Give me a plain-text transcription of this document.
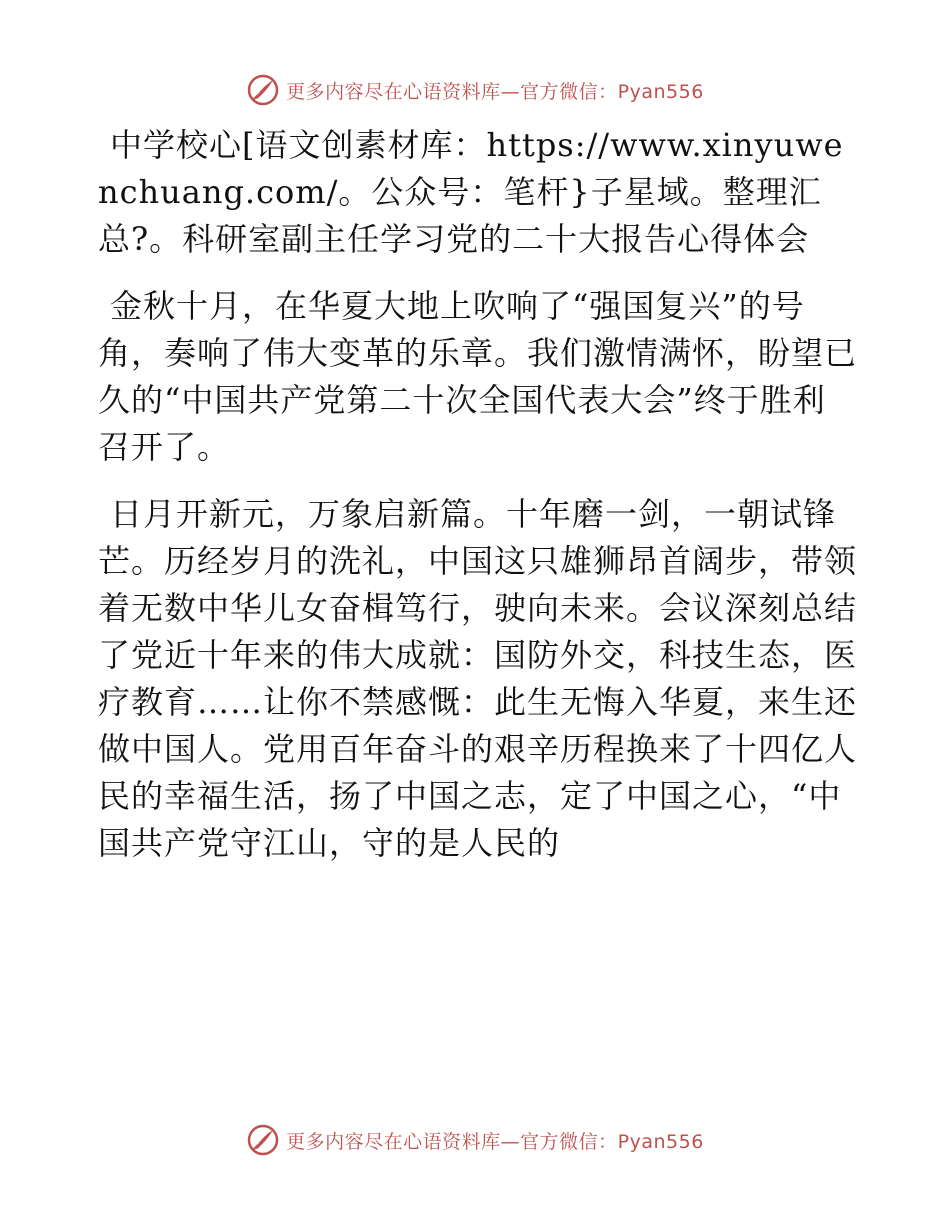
更多内容尽在心语资料库—官方微信：Pyan556

中学校心[语文创素材库：https://www.xinyuwenchuang.com/。公众号：笔杆}子星域。整理汇总?。科研室副主任学习党的二十大报告心得体会

金秋十月，在华夏大地上吹响了“强国复兴”的号角，奏响了伟大变革的乐章。我们激情满怀，盼望已久的“中国共产党第二十次全国代表大会”终于胜利召开了。

日月开新元，万象启新篇。十年磨一剑，一朝试锋芒。历经岁月的洗礼，中国这只雄狮昂首阔步，带领着无数中华儿女奋楫笃行，驶向未来。会议深刻总结了党近十年来的伟大成就：国防外交，科技生态，医疗教育……让你不禁感慨：此生无悔入华夏，来生还做中国人。党用百年奋斗的艰辛历程换来了十四亿人民的幸福生活，扬了中国之志，定了中国之心，“中国共产党守江山，守的是人民的

更多内容尽在心语资料库—官方微信：Pyan556
